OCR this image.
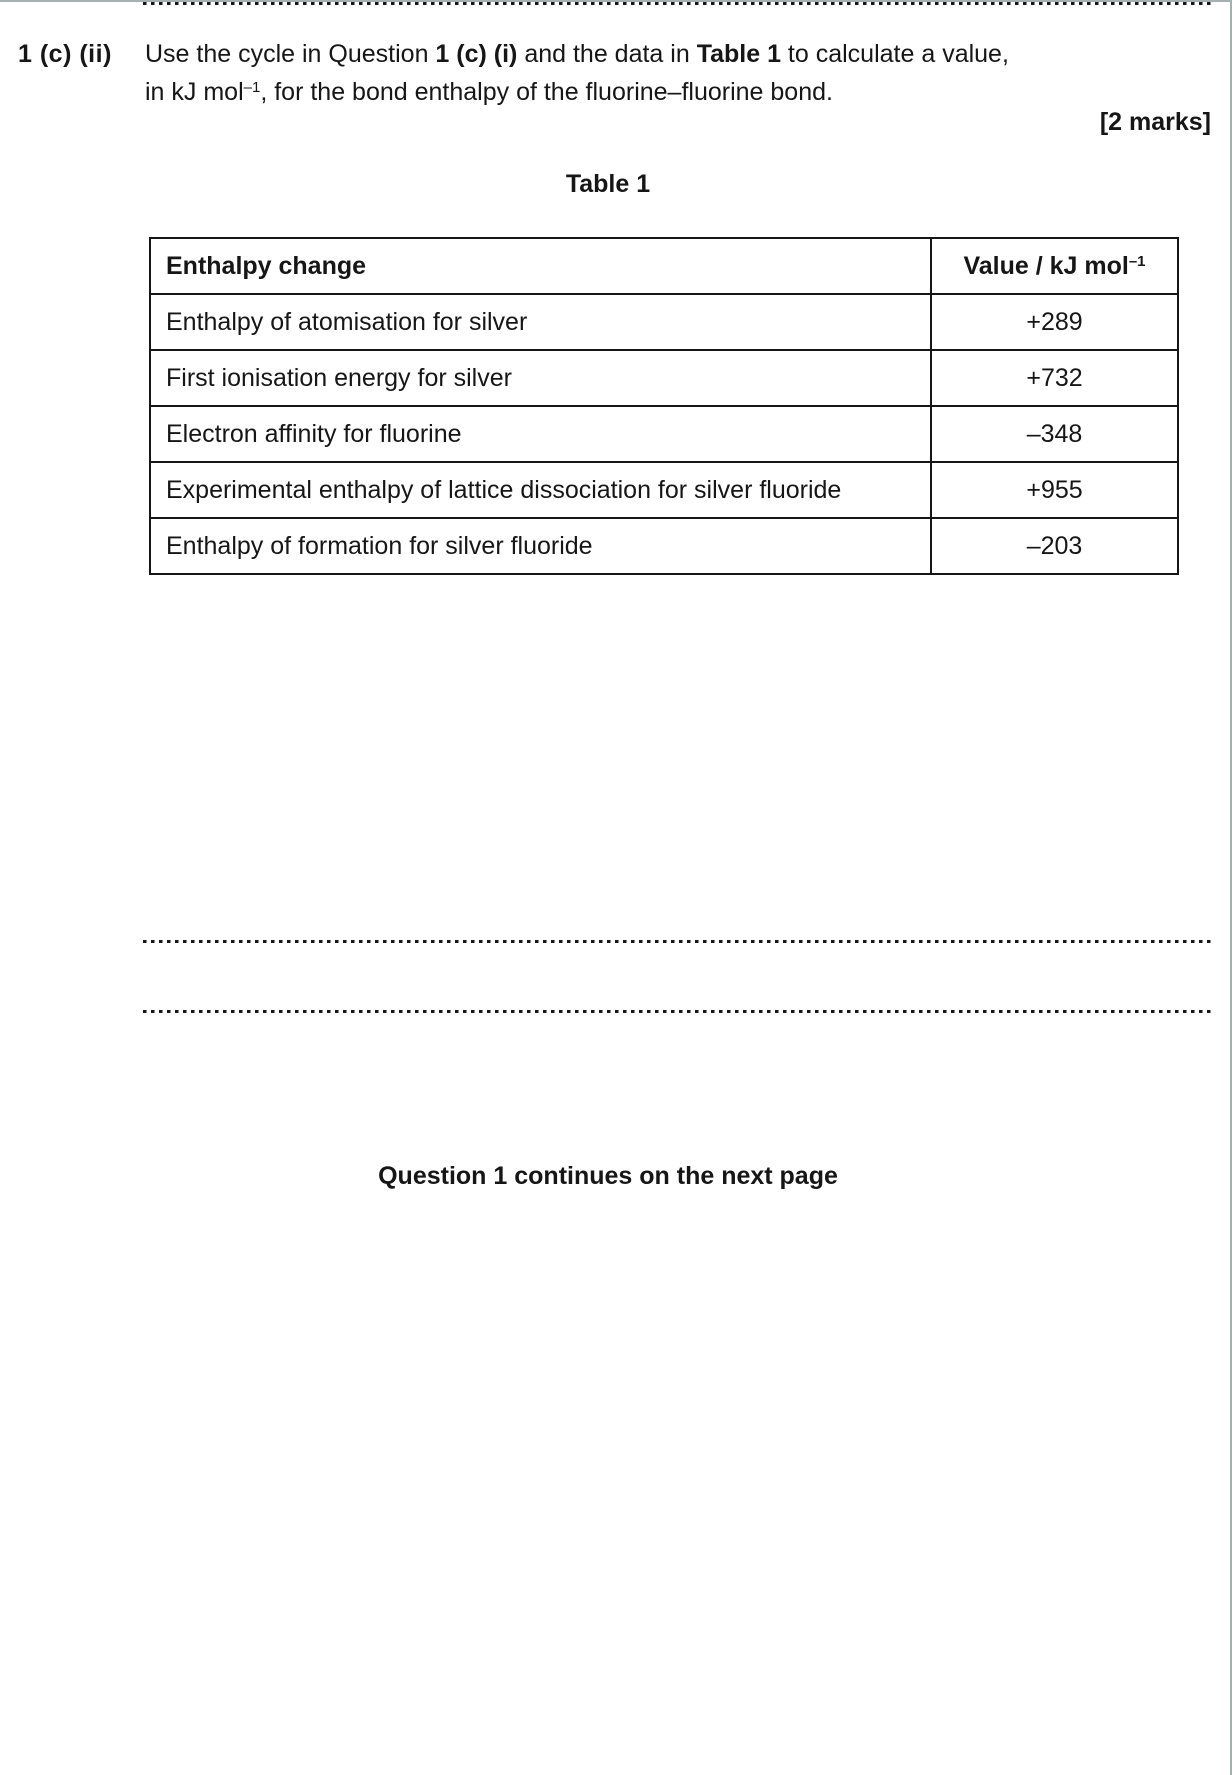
1 (c) (ii)	Use the cycle in Question 1 (c) (i) and the data in Table 1 to calculate a value,

in kJ mol$^{-1}$, for the bond enthalpy of the fluorine–fluorine bond.

[2 marks]
Table 1
Enthalpy change	Value / kJ mol$^{-1}$
Enthalpy of atomisation for silver	+289
First ionisation energy for silver	+732
Electron affinity for fluorine	–348
Experimental enthalpy of lattice dissociation for silver fluoride	+955
Enthalpy of formation for silver fluoride	–203
Question 1 continues on the next page
